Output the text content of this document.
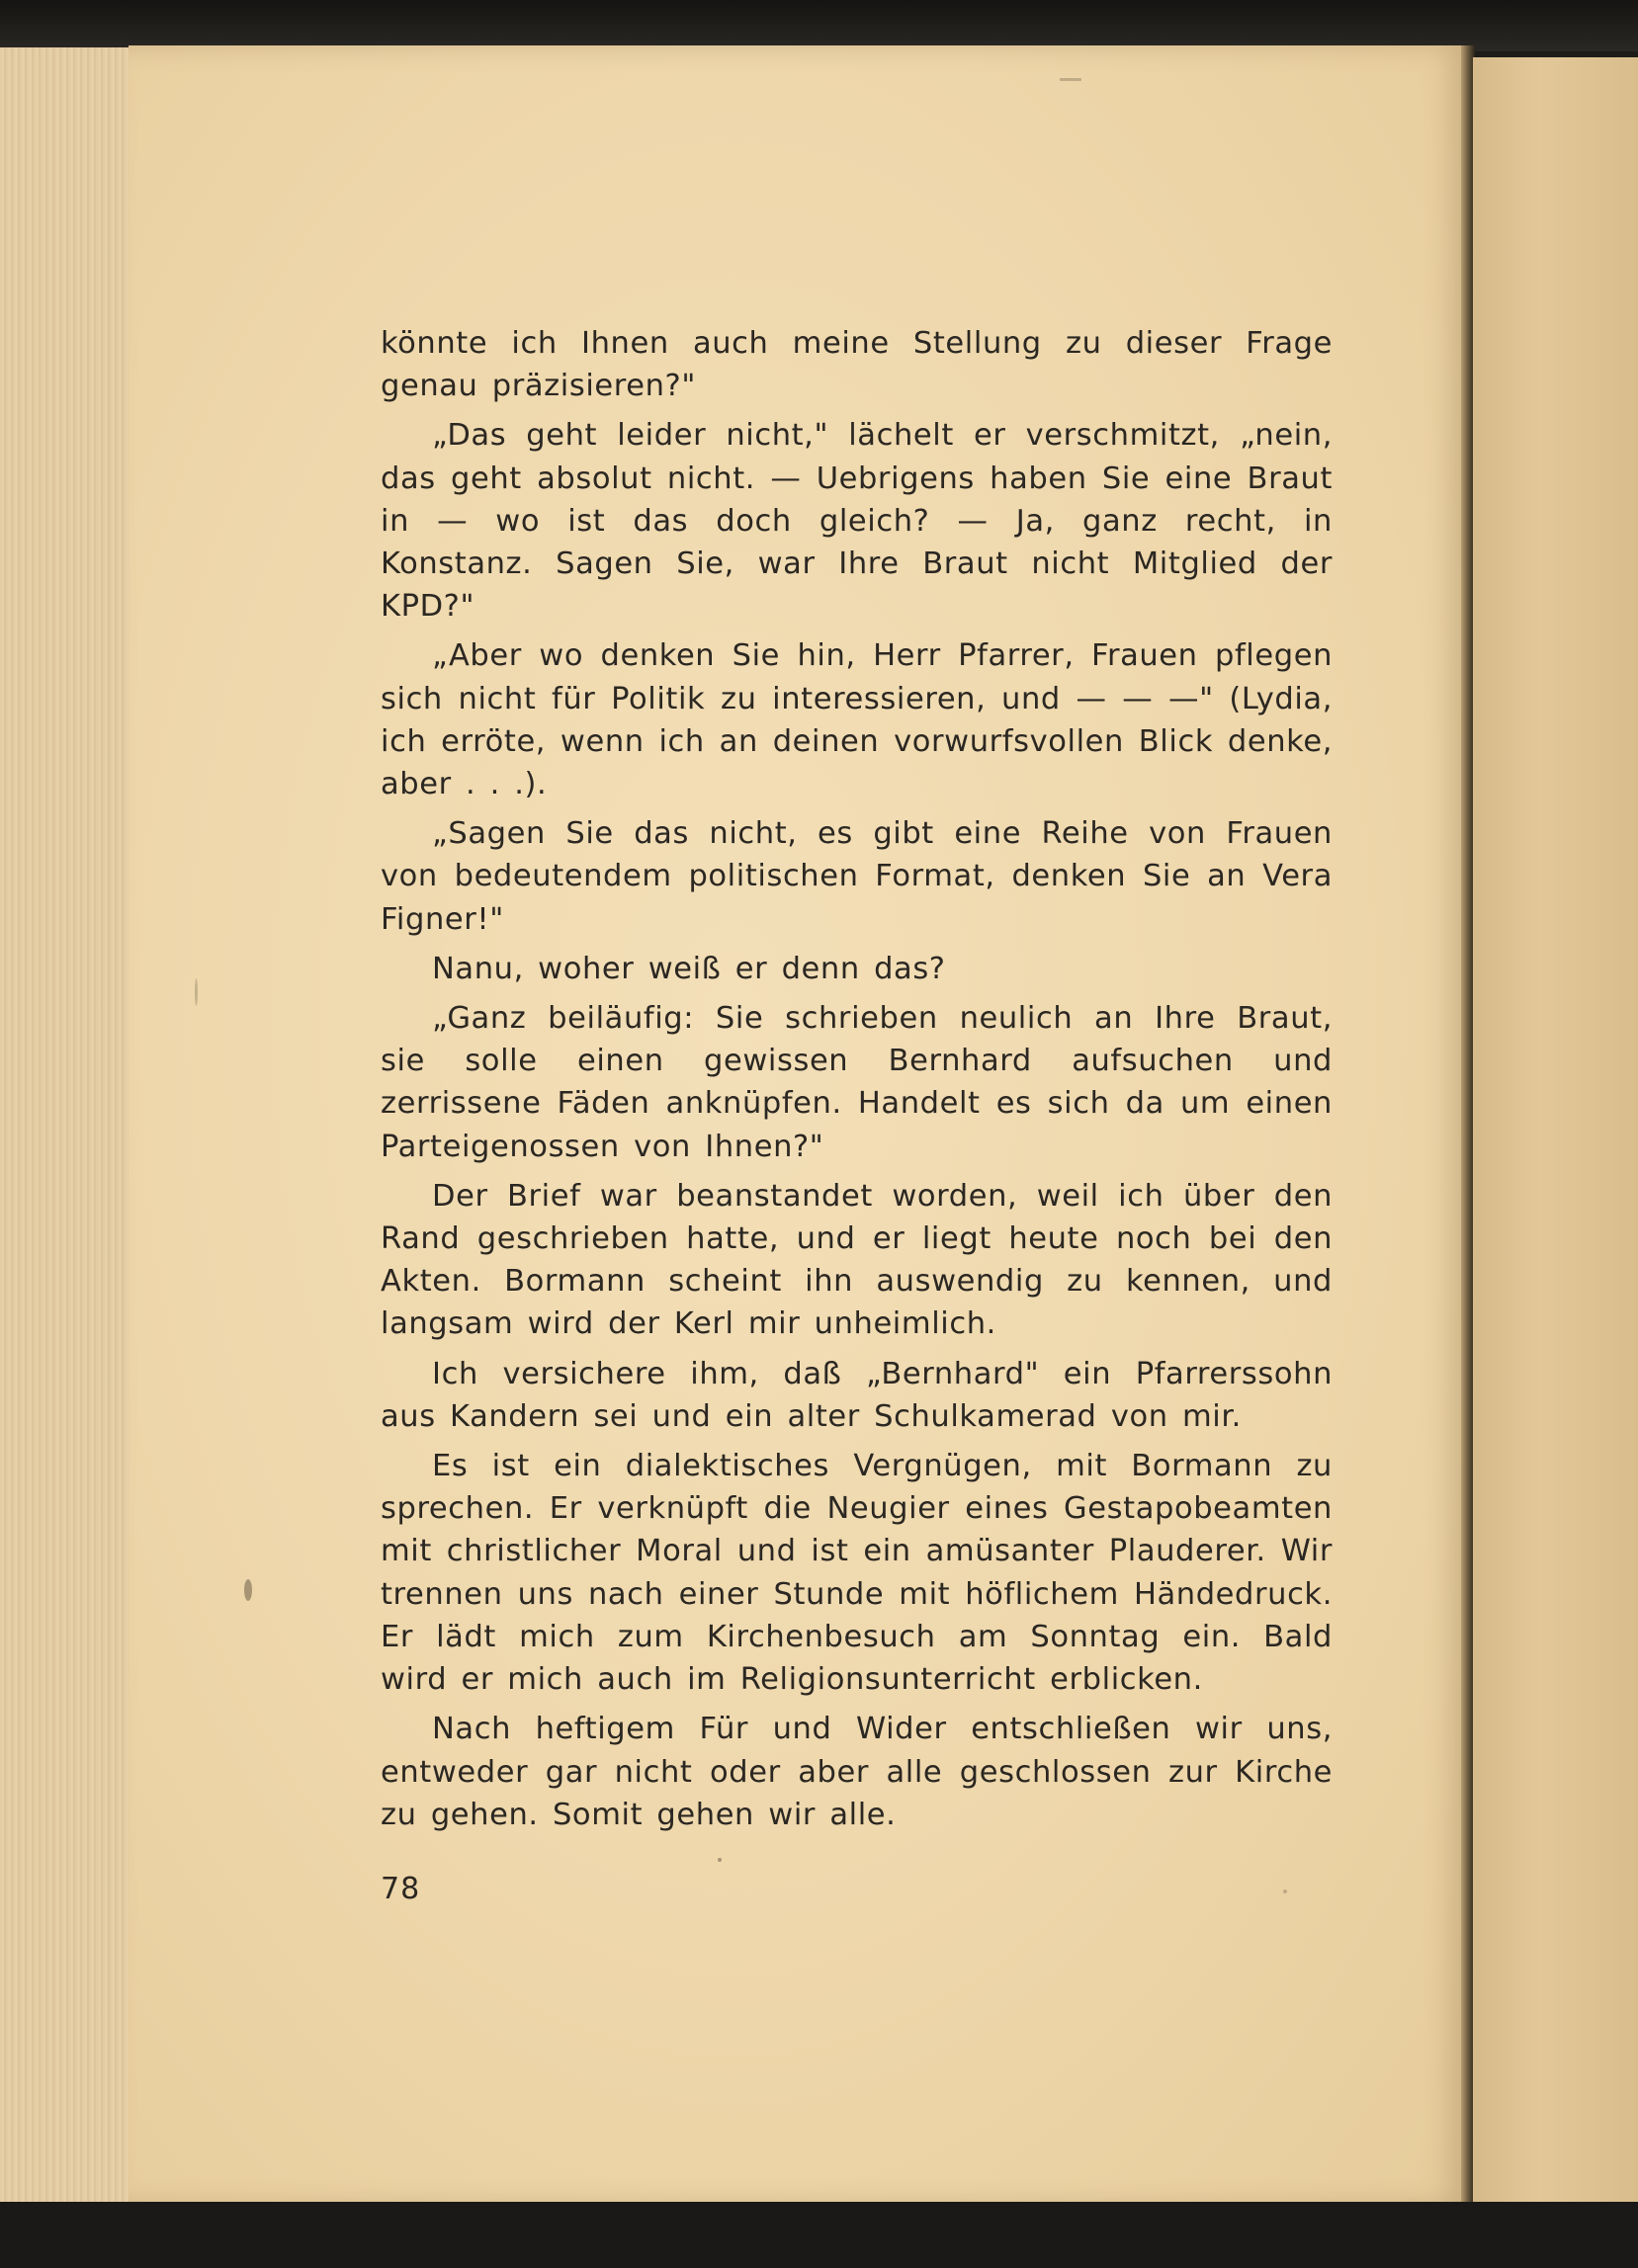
könnte ich Ihnen auch meine Stellung zu dieser Frage genau präzisieren?"

„Das geht leider nicht," lächelt er verschmitzt, „nein, das geht absolut nicht. — Uebrigens haben Sie eine Braut in — wo ist das doch gleich? — Ja, ganz recht, in Konstanz. Sagen Sie, war Ihre Braut nicht Mitglied der KPD?"

„Aber wo denken Sie hin, Herr Pfarrer, Frauen pflegen sich nicht für Politik zu interessieren, und — — —" (Lydia, ich erröte, wenn ich an deinen vorwurfsvollen Blick denke, aber . . .).

„Sagen Sie das nicht, es gibt eine Reihe von Frauen von bedeutendem politischen Format, denken Sie an Vera Figner!"

Nanu, woher weiß er denn das?

„Ganz beiläufig: Sie schrieben neulich an Ihre Braut, sie solle einen gewissen Bernhard aufsuchen und zerrissene Fäden anknüpfen. Handelt es sich da um einen Parteigenossen von Ihnen?"

Der Brief war beanstandet worden, weil ich über den Rand geschrieben hatte, und er liegt heute noch bei den Akten. Bormann scheint ihn auswendig zu kennen, und langsam wird der Kerl mir unheimlich.

Ich versichere ihm, daß „Bernhard" ein Pfarrerssohn aus Kandern sei und ein alter Schulkamerad von mir.

Es ist ein dialektisches Vergnügen, mit Bormann zu sprechen. Er verknüpft die Neugier eines Gestapobeamten mit christlicher Moral und ist ein amüsanter Plauderer. Wir trennen uns nach einer Stunde mit höflichem Händedruck. Er lädt mich zum Kirchenbesuch am Sonntag ein. Bald wird er mich auch im Religionsunterricht erblicken.

Nach heftigem Für und Wider entschließen wir uns, entweder gar nicht oder aber alle geschlossen zur Kirche zu gehen. Somit gehen wir alle.

78
